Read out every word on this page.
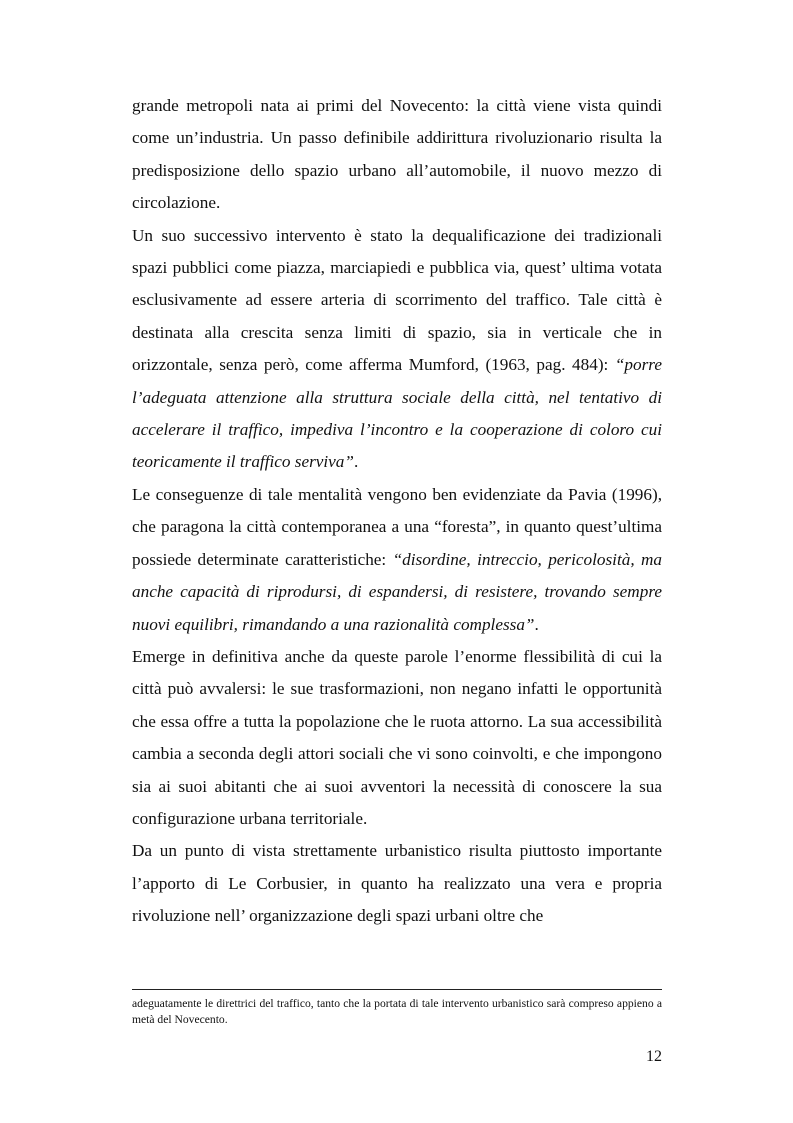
grande metropoli nata ai primi del Novecento: la città viene vista quindi come un’industria. Un passo definibile addirittura rivoluzionario risulta la predisposizione dello spazio urbano all’automobile, il nuovo mezzo di circolazione.

Un suo successivo intervento è stato la dequalificazione dei tradizionali spazi pubblici come piazza, marciapiedi e pubblica via, quest’ ultima votata esclusivamente ad essere arteria di scorrimento del traffico. Tale città è destinata alla crescita senza limiti di spazio, sia in verticale che in orizzontale, senza però, come afferma Mumford, (1963, pag. 484): “porre l’adeguata attenzione alla struttura sociale della città, nel tentativo di accelerare il traffico, impediva l’incontro e la cooperazione di coloro cui teoricamente il traffico serviva”.

Le conseguenze di tale mentalità vengono ben evidenziate da Pavia (1996), che paragona la città contemporanea a una “foresta”, in quanto quest’ultima possiede determinate caratteristiche: “disordine, intreccio, pericolosità, ma anche capacità di riprodursi, di espandersi, di resistere, trovando sempre nuovi equilibri, rimandando a una razionalità complessa”.

Emerge in definitiva anche da queste parole l’enorme flessibilità di cui la città può avvalersi: le sue trasformazioni, non negano infatti le opportunità che essa offre a tutta la popolazione che le ruota attorno. La sua accessibilità cambia a seconda degli attori sociali che vi sono coinvolti, e che impongono sia ai suoi abitanti che ai suoi avventori la necessità di conoscere la sua configurazione urbana territoriale.

Da un punto di vista strettamente urbanistico risulta piuttosto importante l’apporto di Le Corbusier, in quanto ha realizzato una vera e propria rivoluzione nell’ organizzazione degli spazi urbani oltre che

adeguatamente le direttrici del traffico, tanto che la portata di tale intervento urbanistico sarà compreso appieno a metà del Novecento.
12
